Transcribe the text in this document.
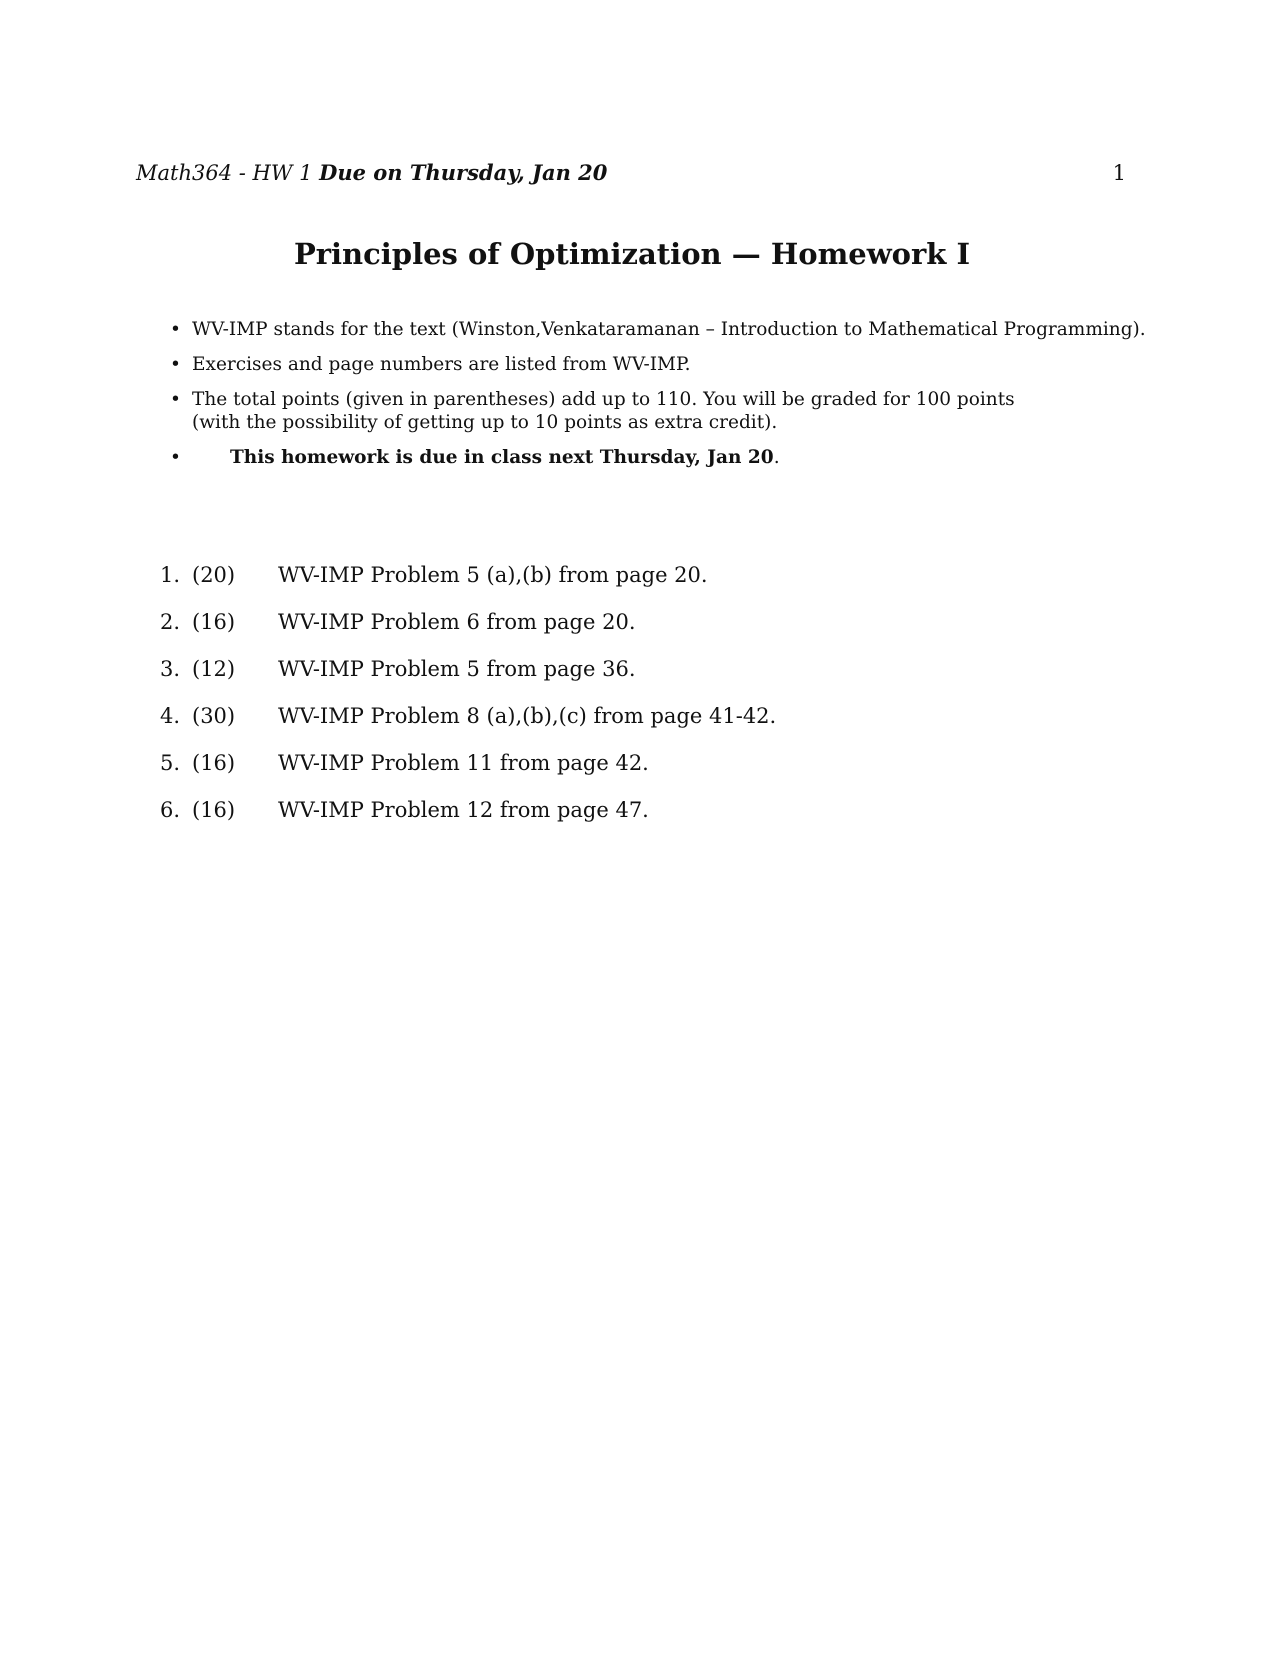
Math364 - HW 1 Due on Thursday, Jan 20	1
Principles of Optimization — Homework I
• WV-IMP stands for the text (Winston,Venkataramanan – Introduction to Mathematical Programming).
• Exercises and page numbers are listed from WV-IMP.
• The total points (given in parentheses) add up to 110. You will be graded for 100 points
(with the possibility of getting up to 10 points as extra credit).
•	This homework is due in class next Thursday, Jan 20.
1. (20) WV-IMP Problem 5 (a),(b) from page 20.
2. (16) WV-IMP Problem 6 from page 20.
3. (12) WV-IMP Problem 5 from page 36.
4. (30) WV-IMP Problem 8 (a),(b),(c) from page 41-42.
5. (16) WV-IMP Problem 11 from page 42.
6. (16) WV-IMP Problem 12 from page 47.
